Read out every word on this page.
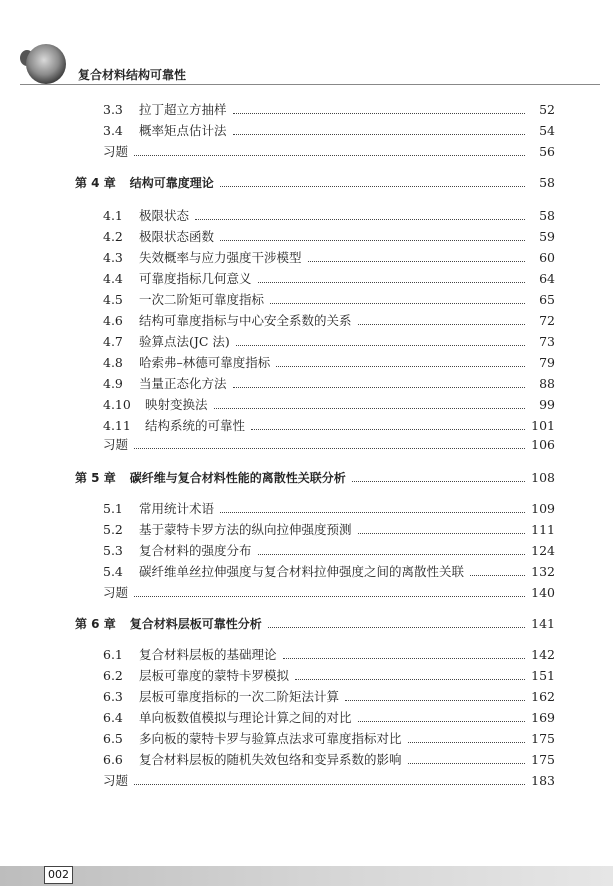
复合材料结构可靠性
3.3	拉丁超立方抽样	52
3.4	概率矩点估计法	54
习题	56
第 4 章 结构可靠度理论	58
4.1	极限状态	58
4.2	极限状态函数	59
4.3	失效概率与应力强度干涉模型	60
4.4	可靠度指标几何意义	64
4.5	一次二阶矩可靠度指标	65
4.6	结构可靠度指标与中心安全系数的关系	72
4.7	验算点法(JC 法)	73
4.8	哈索弗–林德可靠度指标	79
4.9	当量正态化方法	88
4.10 映射变换法	99
4.11 结构系统的可靠性	101
习题	106
第 5 章 碳纤维与复合材料性能的离散性关联分析	108
5.1	常用统计术语	109
5.2	基于蒙特卡罗方法的纵向拉伸强度预测	111
5.3	复合材料的强度分布	124
5.4	碳纤维单丝拉伸强度与复合材料拉伸强度之间的离散性关联	132
习题	140
第 6 章 复合材料层板可靠性分析	141
6.1	复合材料层板的基础理论	142
6.2	层板可靠度的蒙特卡罗模拟	151
6.3	层板可靠度指标的一次二阶矩法计算	162
6.4	单向板数值模拟与理论计算之间的对比	169
6.5	多向板的蒙特卡罗与验算点法求可靠度指标对比	175
6.6	复合材料层板的随机失效包络和变异系数的影响	175
习题	183
002
